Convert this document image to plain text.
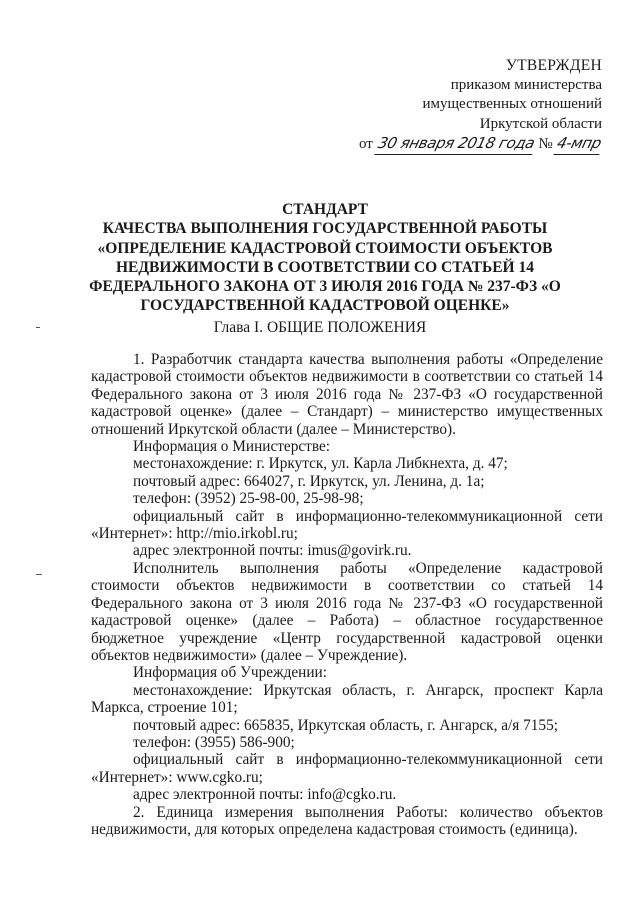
УТВЕРЖДЕН
приказом министерства
имущественных отношений
Иркутской области
от 30 января 2018 года № 4-мпр
СТАНДАРТ
КАЧЕСТВА ВЫПОЛНЕНИЯ ГОСУДАРСТВЕННОЙ РАБОТЫ
«ОПРЕДЕЛЕНИЕ КАДАСТРОВОЙ СТОИМОСТИ ОБЪЕКТОВ
НЕДВИЖИМОСТИ В СООТВЕТСТВИИ СО СТАТЬЕЙ 14
ФЕДЕРАЛЬНОГО ЗАКОНА ОТ 3 ИЮЛЯ 2016 ГОДА № 237-ФЗ «О
ГОСУДАРСТВЕННОЙ КАДАСТРОВОЙ ОЦЕНКЕ»
Глава I. ОБЩИЕ ПОЛОЖЕНИЯ

1. Разработчик стандарта качества выполнения работы «Определение кадастровой стоимости объектов недвижимости в соответствии со статьей 14 Федерального закона от 3 июля 2016 года № 237-ФЗ «О государственной кадастровой оценке» (далее – Стандарт) – министерство имущественных отношений Иркутской области (далее – Министерство).

Информация о Министерстве:

местонахождение: г. Иркутск, ул. Карла Либкнехта, д. 47;

почтовый адрес: 664027, г. Иркутск, ул. Ленина, д. 1а;

телефон: (3952) 25-98-00, 25-98-98;

официальный сайт в информационно-телекоммуникационной сети «Интернет»: http://mio.irkobl.ru;

адрес электронной почты: imus@govirk.ru.

Исполнитель выполнения работы «Определение кадастровой стоимости объектов недвижимости в соответствии со статьей 14 Федерального закона от 3 июля 2016 года № 237-ФЗ «О государственной кадастровой оценке» (далее – Работа) – областное государственное бюджетное учреждение «Центр государственной кадастровой оценки объектов недвижимости» (далее – Учреждение).

Информация об Учреждении:

местонахождение: Иркутская область, г. Ангарск, проспект Карла Маркса, строение 101;

почтовый адрес: 665835, Иркутская область, г. Ангарск, а/я 7155;

телефон: (3955) 586-900;

официальный сайт в информационно-телекоммуникационной сети «Интернет»: www.cgko.ru;

адрес электронной почты: info@cgko.ru.

2. Единица измерения выполнения Работы: количество объектов недвижимости, для которых определена кадастровая стоимость (единица).
